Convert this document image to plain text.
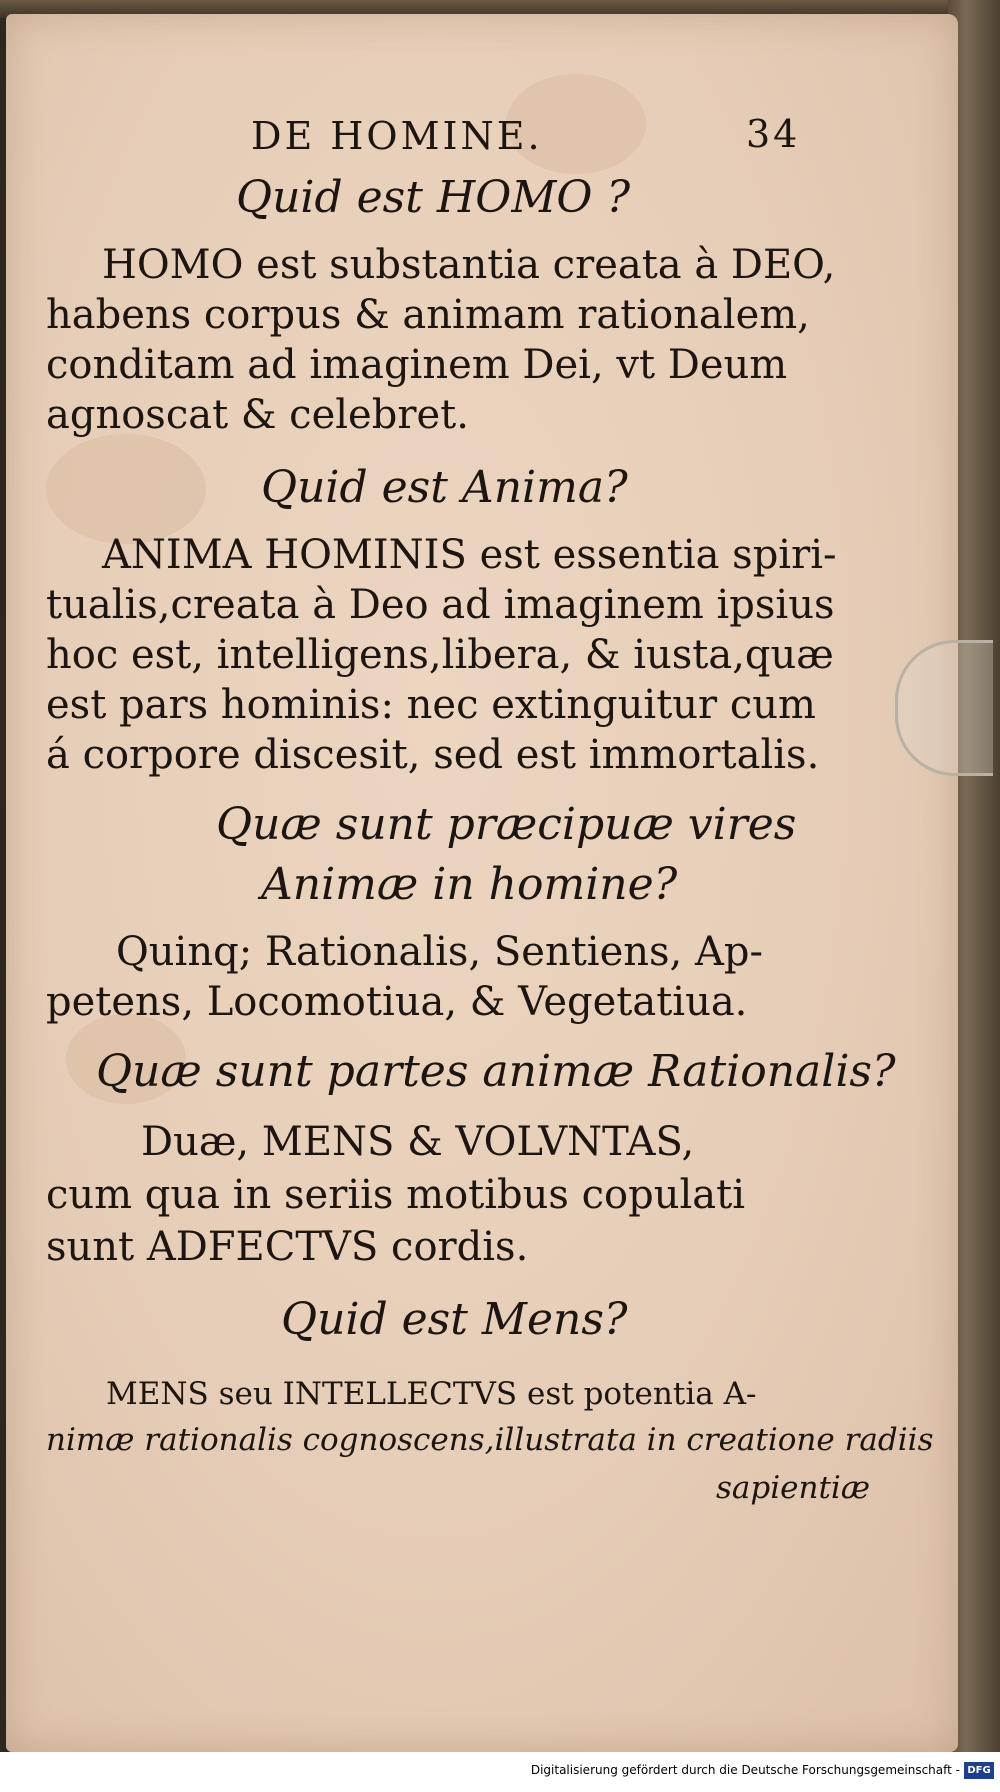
DE HOMINE.	34
Quid est HOMO ?
HOMO est substantia creata à DEO,
habens corpus & animam rationalem,
conditam ad imaginem Dei, vt Deum
agnoscat & celebret.
Quid est Anima?
ANIMA HOMINIS est essentia spiri-
tualis,creata à Deo ad imaginem ipsius
hoc est, intelligens,libera, & iusta,quæ
est pars hominis: nec extinguitur cum
á corpore discesit, sed est immortalis.
Quæ sunt præcipuæ vires
Animæ in homine?
Quinq; Rationalis, Sentiens, Ap-
petens, Locomotiua, & Vegetatiua.
Quæ sunt partes animæ Rationalis?
Duæ, MENS & VOLVNTAS,
cum qua in seriis motibus copulati
sunt ADFECTVS cordis.
Quid est Mens?
MENS seu INTELLECTVS est potentia A-
nimæ rationalis cognoscens,illustrata in creatione radiis
sapientiæ
Digitalisierung gefördert durch die Deutsche Forschungsgemeinschaft - DFG
